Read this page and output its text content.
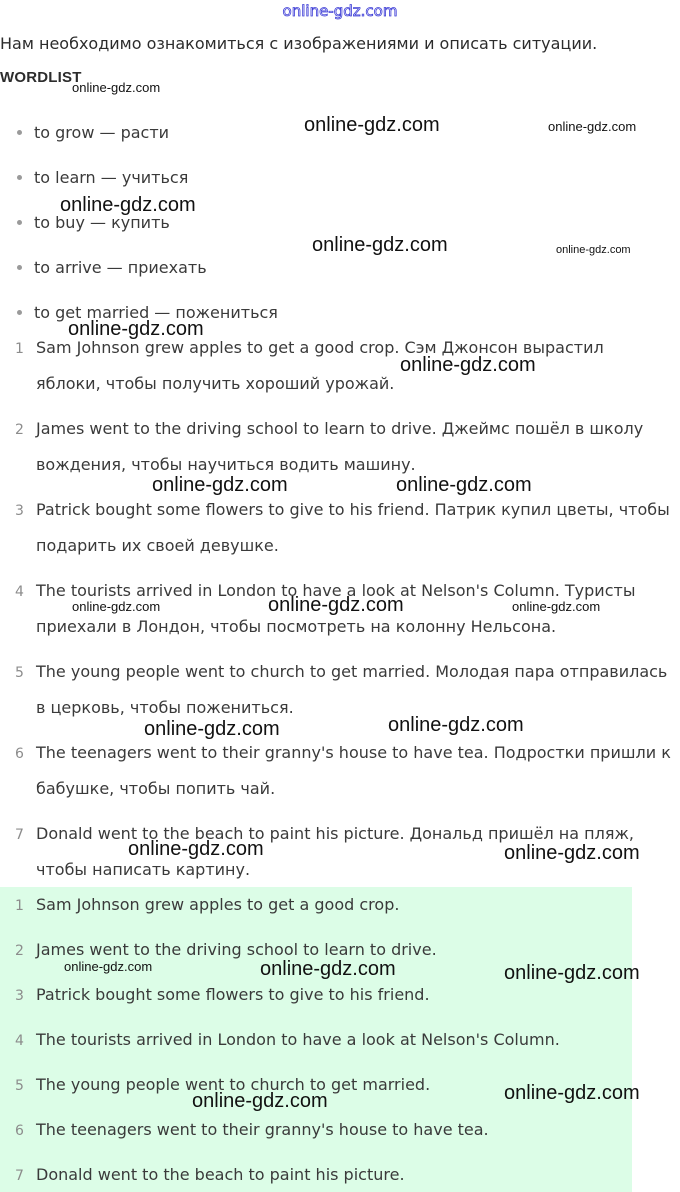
online-gdz.com
Нам необходимо ознакомиться с изображениями и описать ситуации.
WORDLIST
to grow — расти
to learn — учиться
to buy — купить
to arrive — приехать
to get married — пожениться
1 Sam Johnson grew apples to get a good crop. Сэм Джонсон вырастил
яблоки, чтобы получить хороший урожай.
2 James went to the driving school to learn to drive. Джеймс пошёл в школу
вождения, чтобы научиться водить машину.
3 Patrick bought some flowers to give to his friend. Патрик купил цветы, чтобы
подарить их своей девушке.
4 The tourists arrived in London to have a look at Nelson's Column. Туристы
приехали в Лондон, чтобы посмотреть на колонну Нельсона.
5 The young people went to church to get married. Молодая пара отправилась
в церковь, чтобы пожениться.
6 The teenagers went to their granny's house to have tea. Подростки пришли к
бабушке, чтобы попить чай.
7 Donald went to the beach to paint his picture. Дональд пришёл на пляж,
чтобы написать картину.
1 Sam Johnson grew apples to get a good crop.
2 James went to the driving school to learn to drive.
3 Patrick bought some flowers to give to his friend.
4 The tourists arrived in London to have a look at Nelson's Column.
5 The young people went to church to get married.
6 The teenagers went to their granny's house to have tea.
7 Donald went to the beach to paint his picture.
online-gdz.com
online-gdz.com	online-gdz.com
online-gdz.com
online-gdz.com	online-gdz.com
online-gdz.com
online-gdz.com
online-gdz.com	online-gdz.com
online-gdz.com	online-gdz.com	online-gdz.com
online-gdz.com	online-gdz.com
online-gdz.com	online-gdz.com
online-gdz.com	online-gdz.com	online-gdz.com
online-gdz.com	online-gdz.com
